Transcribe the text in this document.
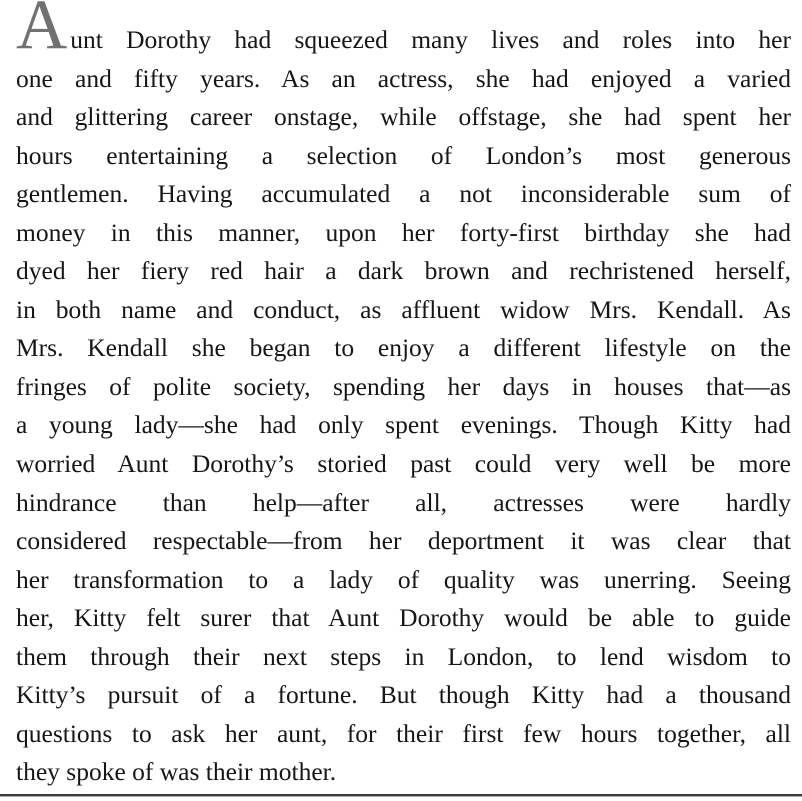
Aunt Dorothy had squeezed many lives and roles into her
one and fifty years. As an actress, she had enjoyed a varied
and glittering career onstage, while offstage, she had spent her
hours entertaining a selection of London’s most generous
gentlemen. Having accumulated a not inconsiderable sum of
money in this manner, upon her forty-first birthday she had
dyed her fiery red hair a dark brown and rechristened herself,
in both name and conduct, as affluent widow Mrs. Kendall. As
Mrs. Kendall she began to enjoy a different lifestyle on the
fringes of polite society, spending her days in houses that—as
a young lady—she had only spent evenings. Though Kitty had
worried Aunt Dorothy’s storied past could very well be more
hindrance than help—after all, actresses were hardly
considered respectable—from her deportment it was clear that
her transformation to a lady of quality was unerring. Seeing
her, Kitty felt surer that Aunt Dorothy would be able to guide
them through their next steps in London, to lend wisdom to
Kitty’s pursuit of a fortune. But though Kitty had a thousand
questions to ask her aunt, for their first few hours together, all
they spoke of was their mother.
